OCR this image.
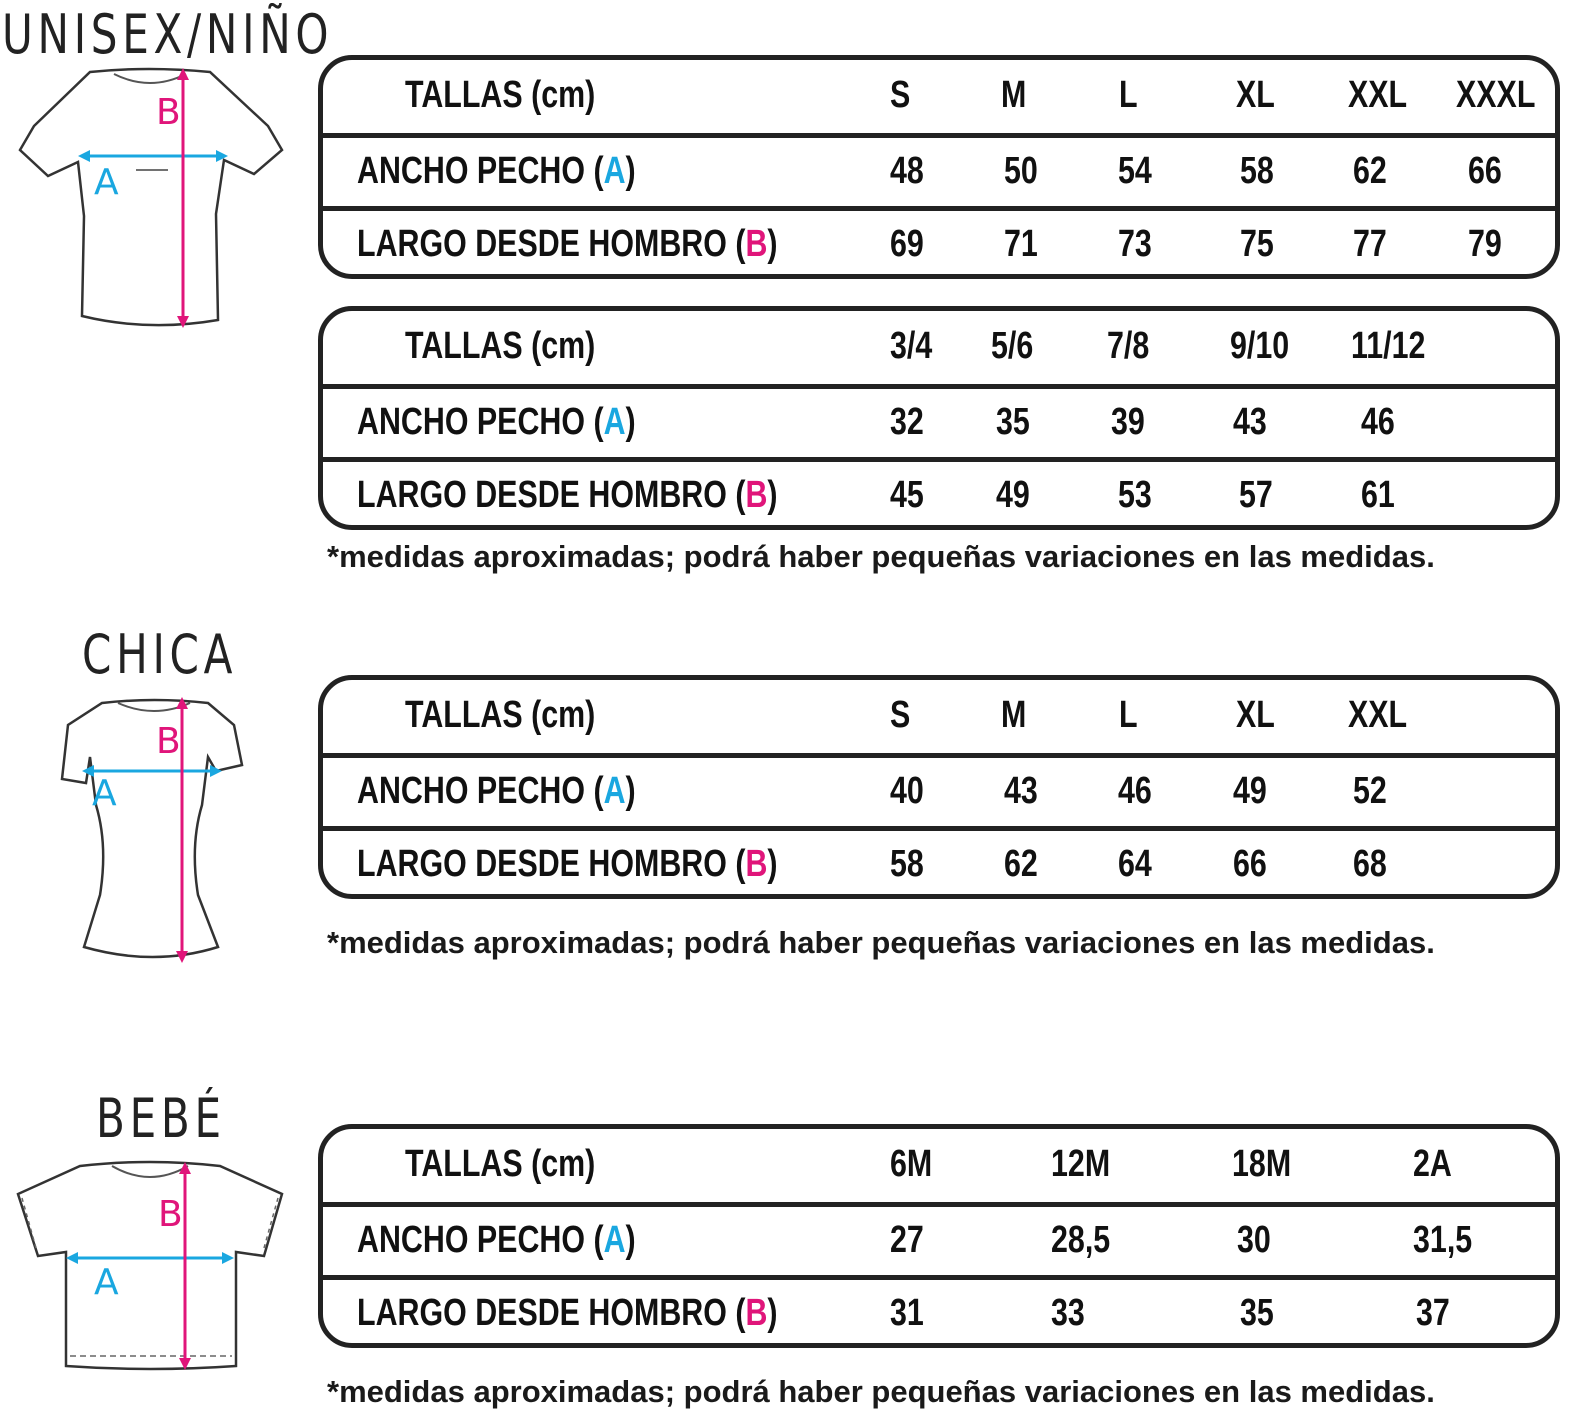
UNISEX/NIÑO
B
A
TALLAS (cm)	S M L	XL XXL XXXL
ANCHO PECHO (A)	48 50 54 58 62 66
LARGO DESDE HOMBRO (B)	69 71 73 75 77 79
TALLAS (cm)	3/4 5/6 7/8 9/10 11/12
ANCHO PECHO (A)	32 35 39 43 46
LARGO DESDE HOMBRO (B)	45 49 53 57 61
*medidas aproximadas; podrá haber pequeñas variaciones en las medidas.
CHICA
B
A
TALLAS (cm)	S M L	XL XXL
ANCHO PECHO (A)	40 43 46 49 52
LARGO DESDE HOMBRO (B)	58 62 64 66 68
*medidas aproximadas; podrá haber pequeñas variaciones en las medidas.
BEBÉ
B
A
TALLAS (cm)	6M	12M	18M	2A
ANCHO PECHO (A)	27	28,5	30	31,5
LARGO DESDE HOMBRO (B)	31	33	35	37
*medidas aproximadas; podrá haber pequeñas variaciones en las medidas.
